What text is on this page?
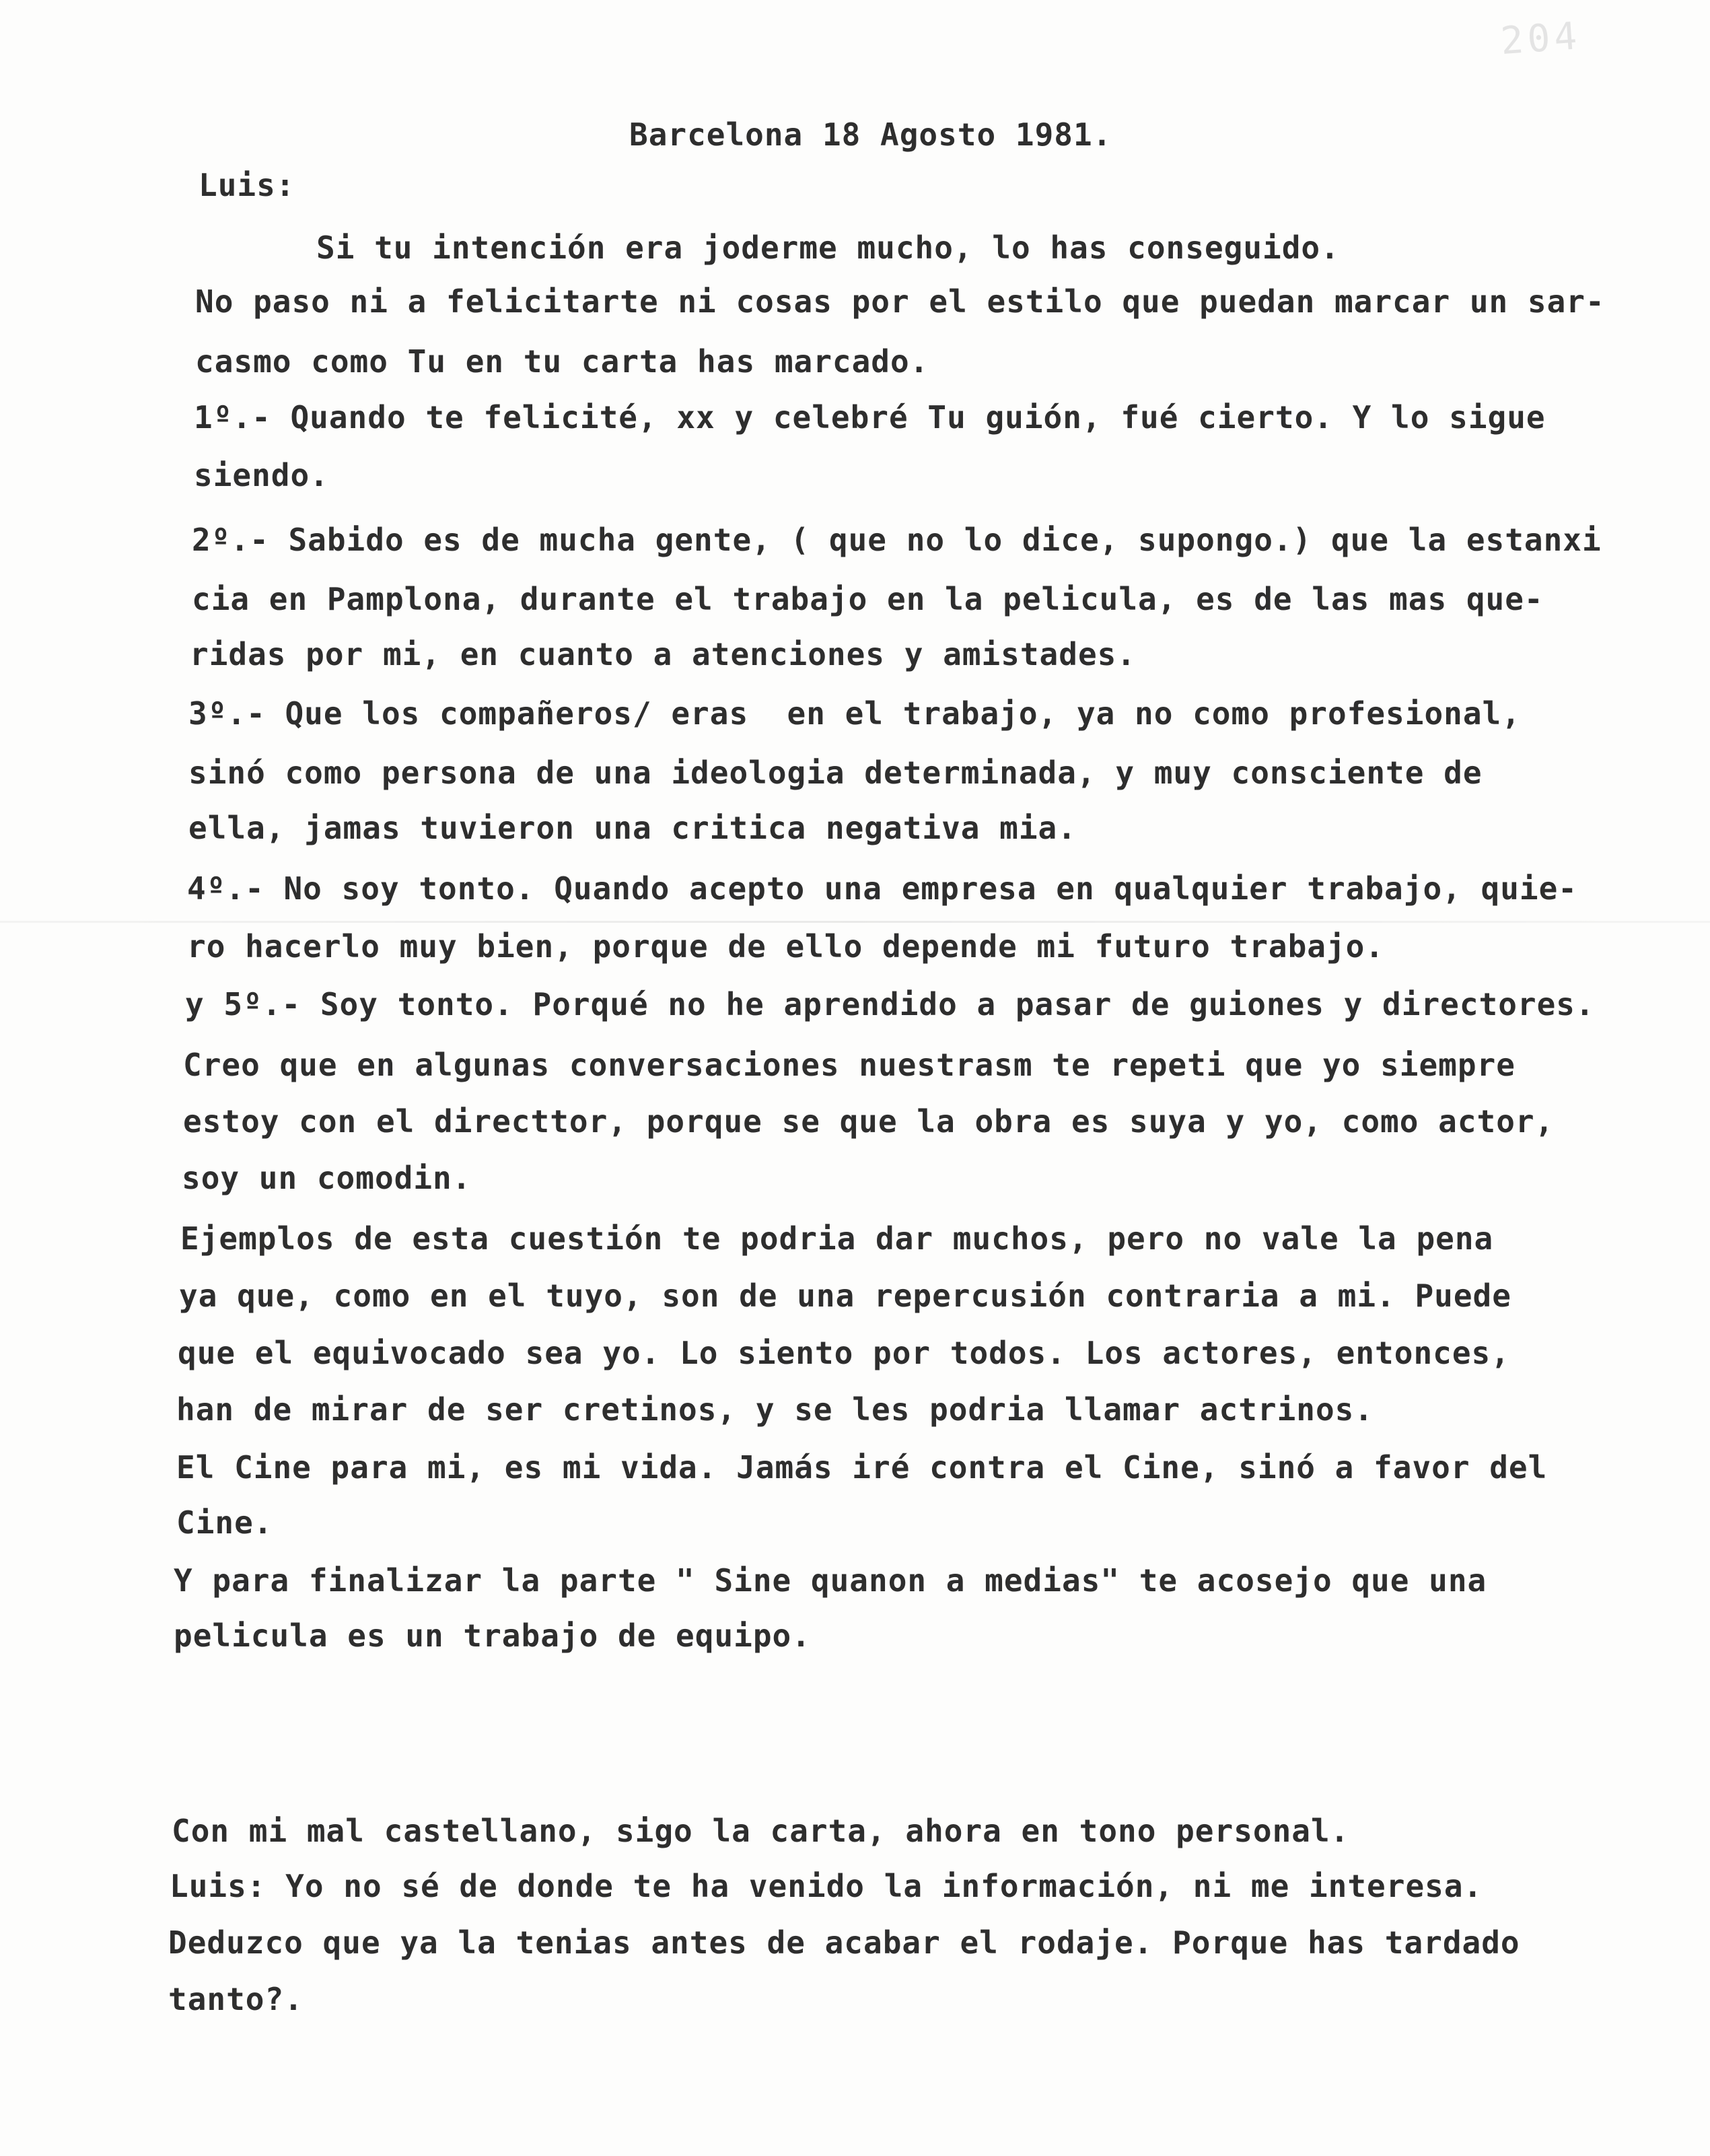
204
Barcelona 18 Agosto 1981.
Luis:
Si tu intención era joderme mucho, lo has conseguido.
No paso ni a felicitarte ni cosas por el estilo que puedan marcar un sar-
casmo como Tu en tu carta has marcado.
1º.- Quando te felicité, xx y celebré Tu guión, fué cierto. Y lo sigue
siendo.
2º.- Sabido es de mucha gente, ( que no lo dice, supongo.) que la estanxi
cia en Pamplona, durante el trabajo en la pelicula, es de las mas que-
ridas por mi, en cuanto a atenciones y amistades.
3º.- Que los compañeros/ eras  en el trabajo, ya no como profesional,
sinó como persona de una ideologia determinada, y muy consciente de
ella, jamas tuvieron una critica negativa mia.
4º.- No soy tonto. Quando acepto una empresa en qualquier trabajo, quie-
ro hacerlo muy bien, porque de ello depende mi futuro trabajo.
y 5º.- Soy tonto. Porqué no he aprendido a pasar de guiones y directores.
Creo que en algunas conversaciones nuestrasm te repeti que yo siempre
estoy con el directtor, porque se que la obra es suya y yo, como actor,
soy un comodin.
Ejemplos de esta cuestión te podria dar muchos, pero no vale la pena
ya que, como en el tuyo, son de una repercusión contraria a mi. Puede
que el equivocado sea yo. Lo siento por todos. Los actores, entonces,
han de mirar de ser cretinos, y se les podria llamar actrinos.
El Cine para mi, es mi vida. Jamás iré contra el Cine, sinó a favor del
Cine.
Y para finalizar la parte " Sine quanon a medias" te acosejo que una
pelicula es un trabajo de equipo.
Con mi mal castellano, sigo la carta, ahora en tono personal.
Luis: Yo no sé de donde te ha venido la información, ni me interesa.
Deduzco que ya la tenias antes de acabar el rodaje. Porque has tardado
tanto?.
